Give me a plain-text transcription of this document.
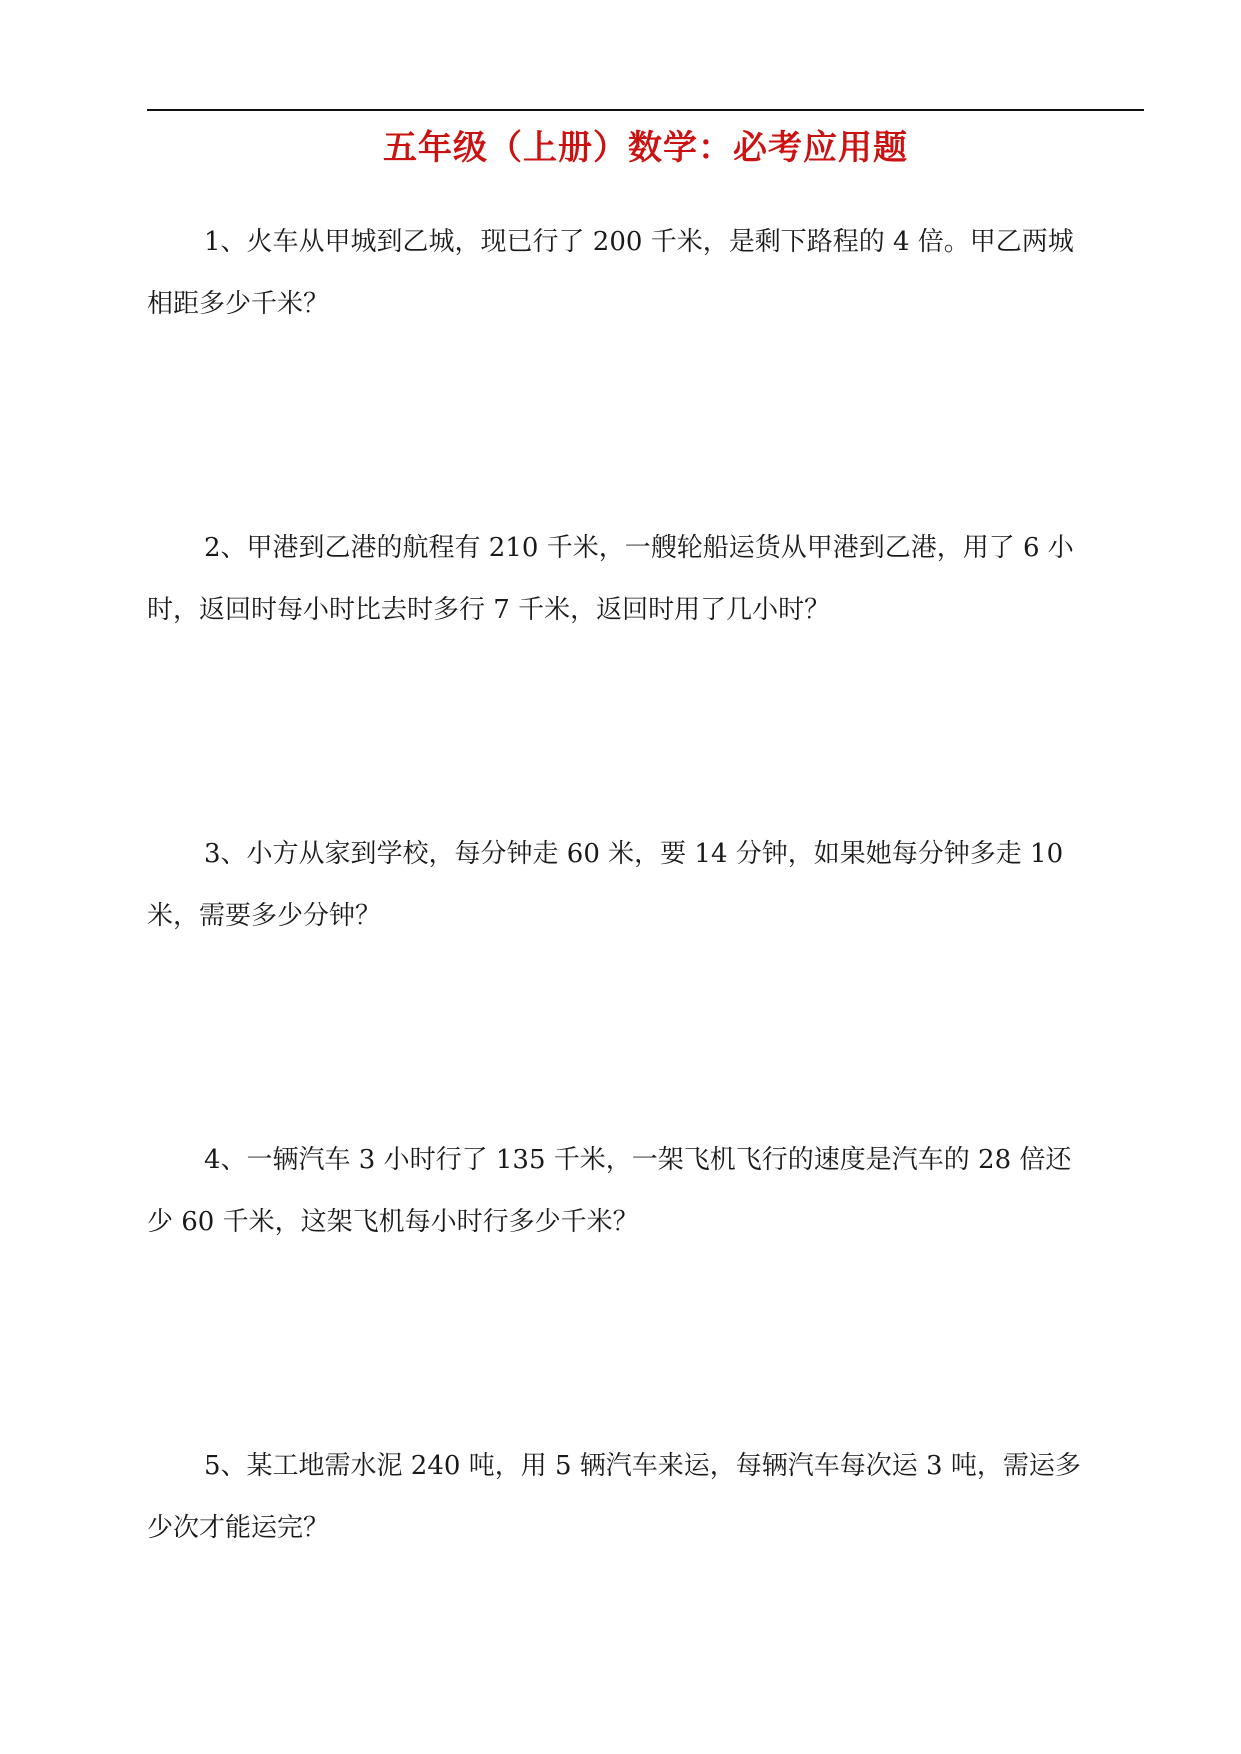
五年级（上册）数学：必考应用题

1、火车从甲城到乙城，现已行了 200 千米，是剩下路程的 4 倍。甲乙两城

相距多少千米？

2、甲港到乙港的航程有 210 千米，一艘轮船运货从甲港到乙港，用了 6 小

时，返回时每小时比去时多行 7 千米，返回时用了几小时？

3、小方从家到学校，每分钟走 60 米，要 14 分钟，如果她每分钟多走 10

米，需要多少分钟？

4、一辆汽车 3 小时行了 135 千米，一架飞机飞行的速度是汽车的 28 倍还

少 60 千米，这架飞机每小时行多少千米？

5、某工地需水泥 240 吨，用 5 辆汽车来运，每辆汽车每次运 3 吨，需运多

少次才能运完？
